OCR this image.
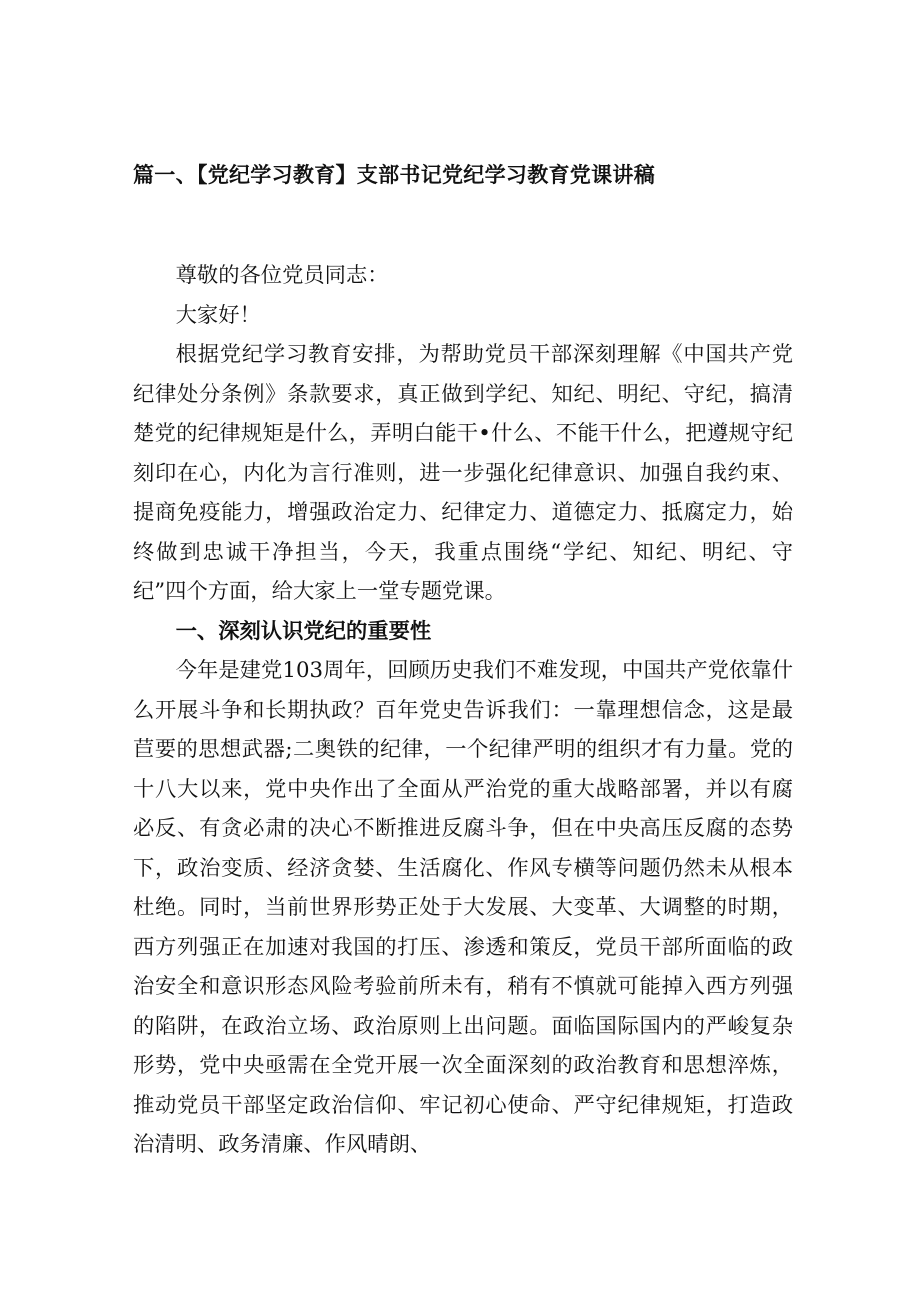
篇一、【党纪学习教育】支部书记党纪学习教育党课讲稿

尊敬的各位党员同志：

大家好！

根据党纪学习教育安排，为帮助党员干部深刻理解《中国共产党纪律处分条例》条款要求，真正做到学纪、知纪、明纪、守纪，搞清楚党的纪律规矩是什么，弄明白能干•什么、不能干什么，把遵规守纪刻印在心，内化为言行准则，进一步强化纪律意识、加强自我约束、提商免疫能力，增强政治定力、纪律定力、道德定力、抵腐定力，始终做到忠诚干净担当，今天，我重点围绕“学纪、知纪、明纪、守纪”四个方面，给大家上一堂专题党课。

一、深刻认识党纪的重要性

今年是建党103周年，回顾历史我们不难发现，中国共产党依靠什么开展斗争和长期执政？百年党史告诉我们：一靠理想信念，这是最苣要的思想武器;二奥铁的纪律，一个纪律严明的组织才有力量。党的十八大以来，党中央作出了全面从严治党的重大战略部署，并以有腐必反、有贪必肃的决心不断推进反腐斗争，但在中央高压反腐的态势下，政治变质、经济贪婪、生活腐化、作风专横等问题仍然未从根本杜绝。同时，当前世界形势正处于大发展、大变革、大调整的时期，西方列强正在加速对我国的打压、渗透和策反，党员干部所面临的政治安全和意识形态风险考验前所未有，稍有不慎就可能掉入西方列强的陷阱，在政治立场、政治原则上出问题。面临国际国内的严峻复杂形势，党中央亟需在全党开展一次全面深刻的政治教育和思想淬炼，推动党员干部坚定政治信仰、牢记初心使命、严守纪律规矩，打造政治清明、政务清廉、作风晴朗、
